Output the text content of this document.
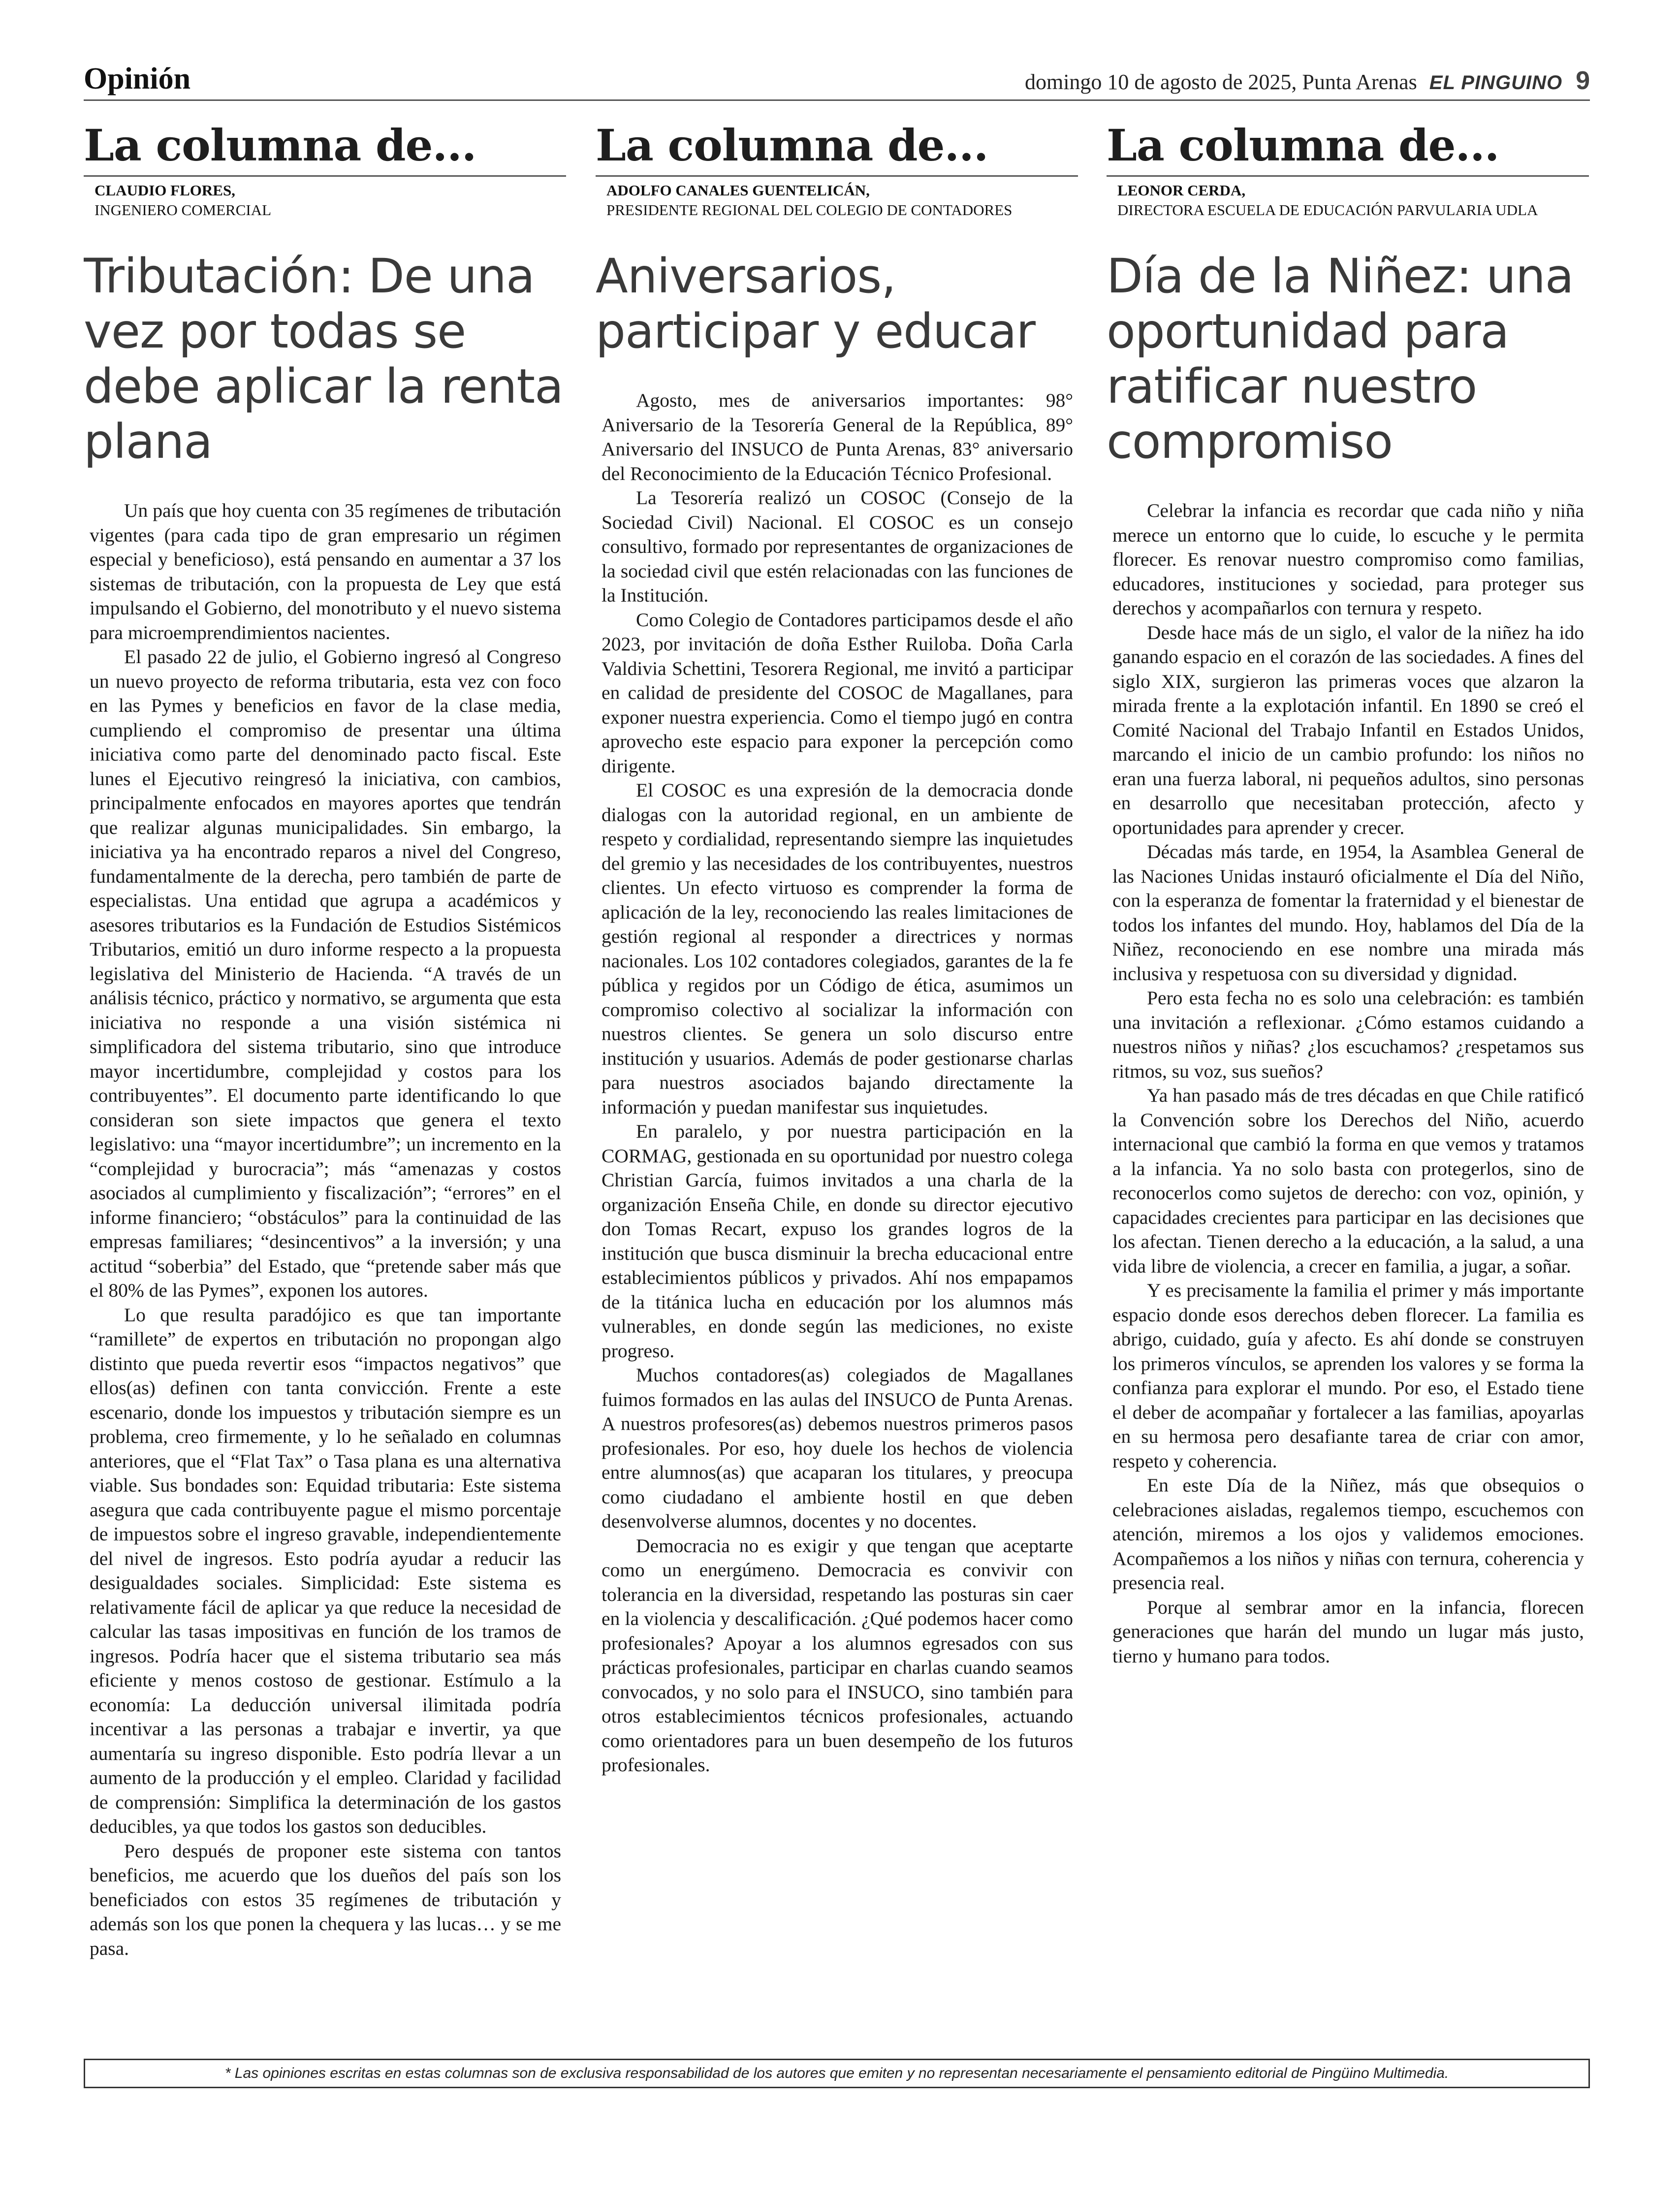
Opinión	domingo 10 de agosto de 2025, Punta Arenas EL PINGUINO 9
La columna de...
CLAUDIO FLORES,
INGENIERO COMERCIAL
Tributación: De una vez por todas se debe aplicar la renta plana

Un país que hoy cuenta con 35 regímenes de tributación vigentes (para cada tipo de gran empresario un régimen especial y beneficioso), está pensando en aumentar a 37 los sistemas de tributación, con la propuesta de Ley que está impulsando el Gobierno, del monotributo y el nuevo sistema para microemprendimientos nacientes.

El pasado 22 de julio, el Gobierno ingresó al Congreso un nuevo proyecto de reforma tributaria, esta vez con foco en las Pymes y beneficios en favor de la clase media, cumpliendo el compromiso de presentar una última iniciativa como parte del denominado pacto fiscal. Este lunes el Ejecutivo reingresó la iniciativa, con cambios, principalmente enfocados en mayores aportes que tendrán que realizar algunas municipalidades. Sin embargo, la iniciativa ya ha encontrado reparos a nivel del Congreso, fundamentalmente de la derecha, pero también de parte de especialistas. Una entidad que agrupa a académicos y asesores tributarios es la Fundación de Estudios Sistémicos Tributarios, emitió un duro informe respecto a la propuesta legislativa del Ministerio de Hacienda. “A través de un análisis técnico, práctico y normativo, se argumenta que esta iniciativa no responde a una visión sistémica ni simplificadora del sistema tributario, sino que introduce mayor incertidumbre, complejidad y costos para los contribuyentes”. El documento parte identificando lo que consideran son siete impactos que genera el texto legislativo: una “mayor incertidumbre”; un incremento en la “complejidad y burocracia”; más “amenazas y costos asociados al cumplimiento y fiscalización”; “errores” en el informe financiero; “obstáculos” para la continuidad de las empresas familiares; “desincentivos” a la inversión; y una actitud “soberbia” del Estado, que “pretende saber más que el 80% de las Pymes”, exponen los autores.

Lo que resulta paradójico es que tan importante “ramillete” de expertos en tributación no propongan algo distinto que pueda revertir esos “impactos negativos” que ellos(as) definen con tanta convicción. Frente a este escenario, donde los impuestos y tributación siempre es un problema, creo firmemente, y lo he señalado en columnas anteriores, que el “Flat Tax” o Tasa plana es una alternativa viable. Sus bondades son: Equidad tributaria: Este sistema asegura que cada contribuyente pague el mismo porcentaje de impuestos sobre el ingreso gravable, independientemente del nivel de ingresos. Esto podría ayudar a reducir las desigualdades sociales. Simplicidad: Este sistema es relativamente fácil de aplicar ya que reduce la necesidad de calcular las tasas impositivas en función de los tramos de ingresos. Podría hacer que el sistema tributario sea más eficiente y menos costoso de gestionar. Estímulo a la economía: La deducción universal ilimitada podría incentivar a las personas a trabajar e invertir, ya que aumentaría su ingreso disponible. Esto podría llevar a un aumento de la producción y el empleo. Claridad y facilidad de comprensión: Simplifica la determinación de los gastos deducibles, ya que todos los gastos son deducibles.

Pero después de proponer este sistema con tantos beneficios, me acuerdo que los dueños del país son los beneficiados con estos 35 regímenes de tributación y además son los que ponen la chequera y las lucas… y se me pasa.

La columna de...
ADOLFO CANALES GUENTELICÁN,
PRESIDENTE REGIONAL DEL COLEGIO DE CONTADORES
Aniversarios, participar y educar

Agosto, mes de aniversarios importantes: 98° Aniversario de la Tesorería General de la República, 89° Aniversario del INSUCO de Punta Arenas, 83° aniversario del Reconocimiento de la Educación Técnico Profesional.

La Tesorería realizó un COSOC (Consejo de la Sociedad Civil) Nacional. El COSOC es un consejo consultivo, formado por representantes de organizaciones de la sociedad civil que estén relacionadas con las funciones de la Institución.

Como Colegio de Contadores participamos desde el año 2023, por invitación de doña Esther Ruiloba. Doña Carla Valdivia Schettini, Tesorera Regional, me invitó a participar en calidad de presidente del COSOC de Magallanes, para exponer nuestra experiencia. Como el tiempo jugó en contra aprovecho este espacio para exponer la percepción como dirigente.

El COSOC es una expresión de la democracia donde dialogas con la autoridad regional, en un ambiente de respeto y cordialidad, representando siempre las inquietudes del gremio y las necesidades de los contribuyentes, nuestros clientes. Un efecto virtuoso es comprender la forma de aplicación de la ley, reconociendo las reales limitaciones de gestión regional al responder a directrices y normas nacionales. Los 102 contadores colegiados, garantes de la fe pública y regidos por un Código de ética, asumimos un compromiso colectivo al socializar la información con nuestros clientes. Se genera un solo discurso entre institución y usuarios. Además de poder gestionarse charlas para nuestros asociados bajando directamente la información y puedan manifestar sus inquietudes.

En paralelo, y por nuestra participación en la CORMAG, gestionada en su oportunidad por nuestro colega Christian García, fuimos invitados a una charla de la organización Enseña Chile, en donde su director ejecutivo don Tomas Recart, expuso los grandes logros de la institución que busca disminuir la brecha educacional entre establecimientos públicos y privados. Ahí nos empapamos de la titánica lucha en educación por los alumnos más vulnerables, en donde según las mediciones, no existe progreso.

Muchos contadores(as) colegiados de Magallanes fuimos formados en las aulas del INSUCO de Punta Arenas. A nuestros profesores(as) debemos nuestros primeros pasos profesionales. Por eso, hoy duele los hechos de violencia entre alumnos(as) que acaparan los titulares, y preocupa como ciudadano el ambiente hostil en que deben desenvolverse alumnos, docentes y no docentes.

Democracia no es exigir y que tengan que aceptarte como un energúmeno. Democracia es convivir con tolerancia en la diversidad, respetando las posturas sin caer en la violencia y descalificación. ¿Qué podemos hacer como profesionales? Apoyar a los alumnos egresados con sus prácticas profesionales, participar en charlas cuando seamos convocados, y no solo para el INSUCO, sino también para otros establecimientos técnicos profesionales, actuando como orientadores para un buen desempeño de los futuros profesionales.

La columna de...
LEONOR CERDA,
DIRECTORA ESCUELA DE EDUCACIÓN PARVULARIA UDLA
Día de la Niñez: una oportunidad para ratificar nuestro compromiso

Celebrar la infancia es recordar que cada niño y niña merece un entorno que lo cuide, lo escuche y le permita florecer. Es renovar nuestro compromiso como familias, educadores, instituciones y sociedad, para proteger sus derechos y acompañarlos con ternura y respeto.

Desde hace más de un siglo, el valor de la niñez ha ido ganando espacio en el corazón de las sociedades. A fines del siglo XIX, surgieron las primeras voces que alzaron la mirada frente a la explotación infantil. En 1890 se creó el Comité Nacional del Trabajo Infantil en Estados Unidos, marcando el inicio de un cambio profundo: los niños no eran una fuerza laboral, ni pequeños adultos, sino personas en desarrollo que necesitaban protección, afecto y oportunidades para aprender y crecer.

Décadas más tarde, en 1954, la Asamblea General de las Naciones Unidas instauró oficialmente el Día del Niño, con la esperanza de fomentar la fraternidad y el bienestar de todos los infantes del mundo. Hoy, hablamos del Día de la Niñez, reconociendo en ese nombre una mirada más inclusiva y respetuosa con su diversidad y dignidad.

Pero esta fecha no es solo una celebración: es también una invitación a reflexionar. ¿Cómo estamos cuidando a nuestros niños y niñas? ¿los escuchamos? ¿respetamos sus ritmos, su voz, sus sueños?

Ya han pasado más de tres décadas en que Chile ratificó la Convención sobre los Derechos del Niño, acuerdo internacional que cambió la forma en que vemos y tratamos a la infancia. Ya no solo basta con protegerlos, sino de reconocerlos como sujetos de derecho: con voz, opinión, y capacidades crecientes para participar en las decisiones que los afectan. Tienen derecho a la educación, a la salud, a una vida libre de violencia, a crecer en familia, a jugar, a soñar.

Y es precisamente la familia el primer y más importante espacio donde esos derechos deben florecer. La familia es abrigo, cuidado, guía y afecto. Es ahí donde se construyen los primeros vínculos, se aprenden los valores y se forma la confianza para explorar el mundo. Por eso, el Estado tiene el deber de acompañar y fortalecer a las familias, apoyarlas en su hermosa pero desafiante tarea de criar con amor, respeto y coherencia.

En este Día de la Niñez, más que obsequios o celebraciones aisladas, regalemos tiempo, escuchemos con atención, miremos a los ojos y validemos emociones. Acompañemos a los niños y niñas con ternura, coherencia y presencia real.

Porque al sembrar amor en la infancia, florecen generaciones que harán del mundo un lugar más justo, tierno y humano para todos.

* Las opiniones escritas en estas columnas son de exclusiva responsabilidad de los autores que emiten y no representan necesariamente el pensamiento editorial de Pingüino Multimedia.
